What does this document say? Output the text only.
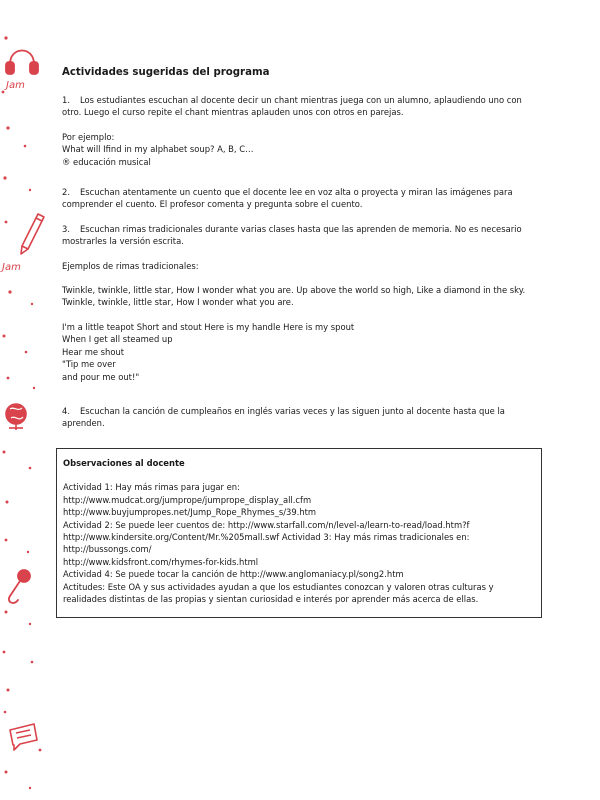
Jam
Jam
Actividades sugeridas del programa
1. Los estudiantes escuchan al docente decir un chant mientras juega con un alumno, aplaudiendo uno con otro. Luego el curso repite el chant mientras aplauden unos con otros en parejas.
Por ejemplo:
What will Ifind in my alphabet soup? A, B, C…
® educación musical
2. Escuchan atentamente un cuento que el docente lee en voz alta o proyecta y miran las imágenes para comprender el cuento. El profesor comenta y pregunta sobre el cuento.
3. Escuchan rimas tradicionales durante varias clases hasta que las aprenden de memoria. No es necesario mostrarles la versión escrita.
Ejemplos de rimas tradicionales:
Twinkle, twinkle, little star, How I wonder what you are. Up above the world so high, Like a diamond in the sky. Twinkle, twinkle, little star, How I wonder what you are.
I'm a little teapot Short and stout Here is my handle Here is my spout
When I get all steamed up
Hear me shout
"Tip me over
and pour me out!"
4. Escuchan la canción de cumpleaños en inglés varias veces y las siguen junto al docente hasta que la aprenden.
Observaciones al docente
Actividad 1: Hay más rimas para jugar en:
http://www.mudcat.org/jumprope/jumprope_display_all.cfm
http://www.buyjumpropes.net/Jump_Rope_Rhymes_s/39.htm
Actividad 2: Se puede leer cuentos de: http://www.starfall.com/n/level-a/learn-to-read/load.htm?f
http://www.kindersite.org/Content/Mr.%205mall.swf Actividad 3: Hay más rimas tradicionales en:
http://bussongs.com/
http://www.kidsfront.com/rhymes-for-kids.html
Actividad 4: Se puede tocar la canción de http://www.anglomaniacy.pl/song2.htm
Actitudes: Este OA y sus actividades ayudan a que los estudiantes conozcan y valoren otras culturas y realidades distintas de las propias y sientan curiosidad e interés por aprender más acerca de ellas.
